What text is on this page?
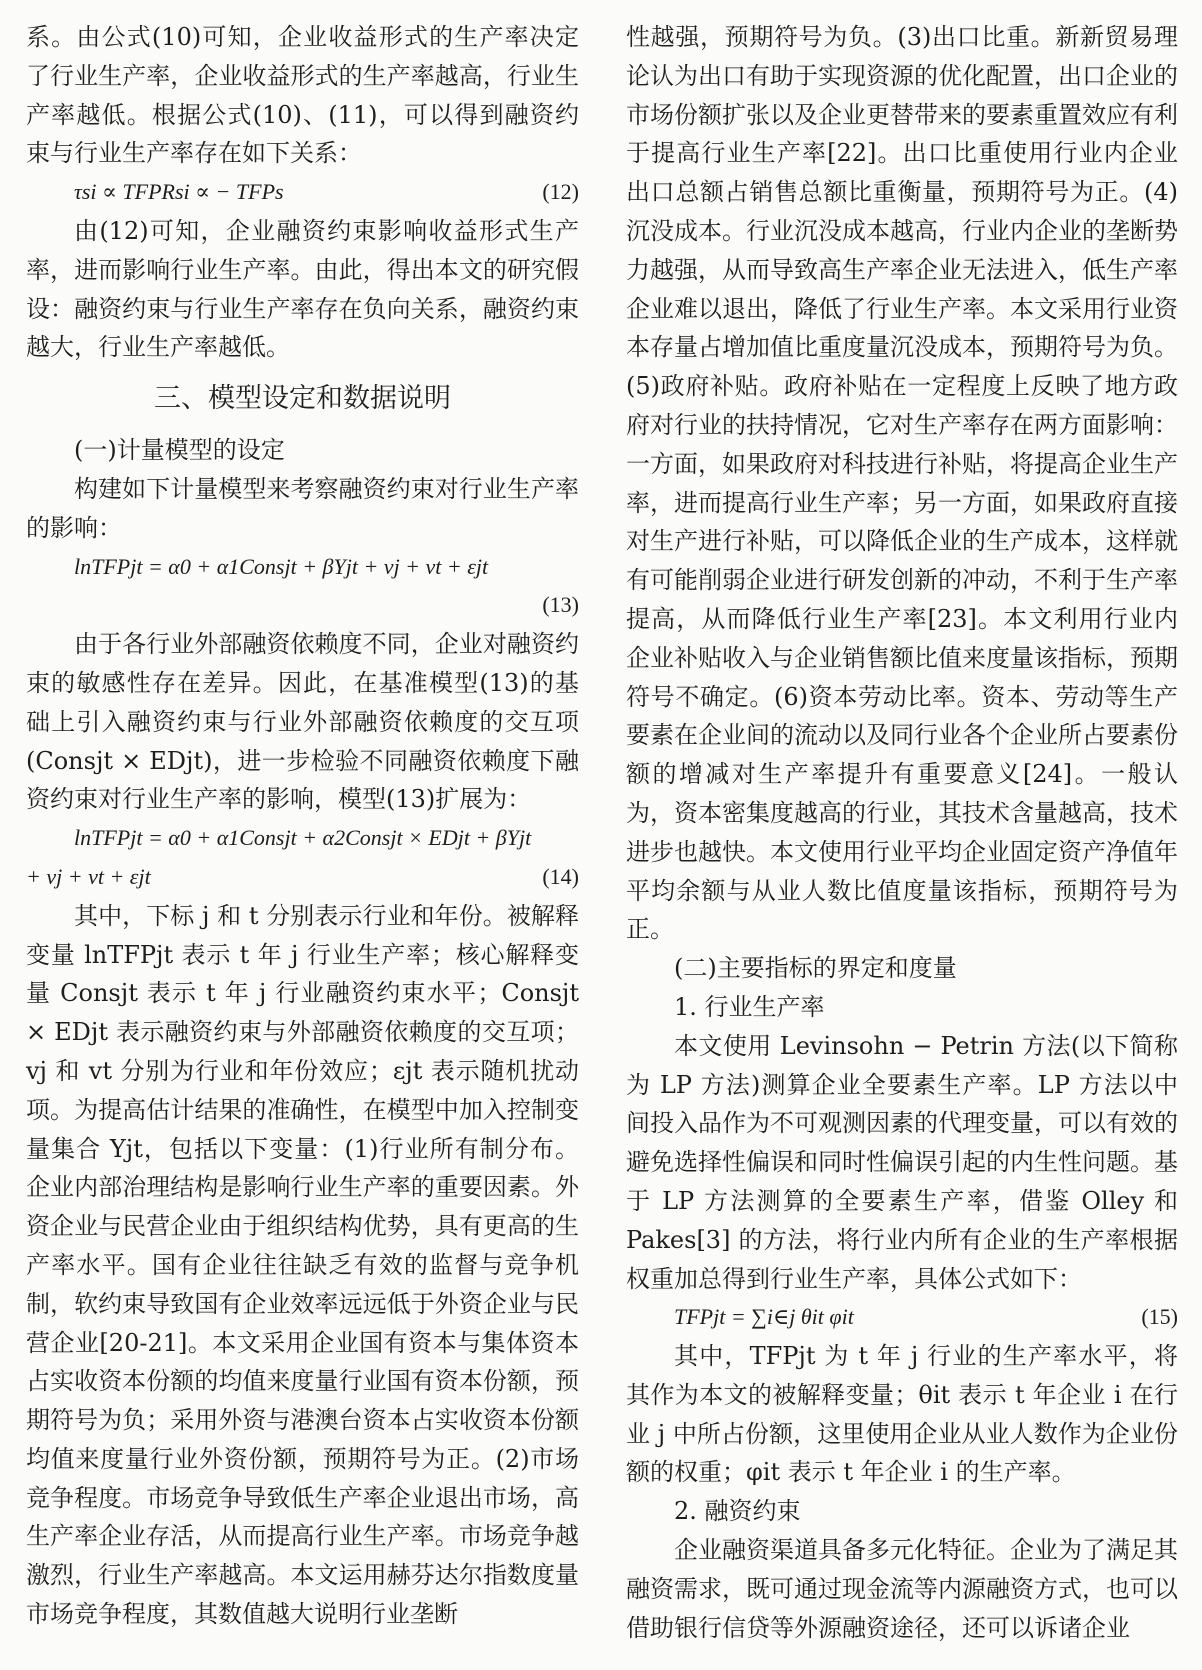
系。由公式(10)可知，企业收益形式的生产率决定了行业生产率，企业收益形式的生产率越高，行业生产率越低。根据公式(10)、(11)，可以得到融资约束与行业生产率存在如下关系：

τsi ∝ TFPRsi ∝ − TFPs	(12)

由(12)可知，企业融资约束影响收益形式生产率，进而影响行业生产率。由此，得出本文的研究假设：融资约束与行业生产率存在负向关系，融资约束越大，行业生产率越低。

三、模型设定和数据说明
(一)计量模型的设定

构建如下计量模型来考察融资约束对行业生产率的影响：

lnTFPjt = α0 + α1Consjt + βYjt + vj + vt + εjt
(13)

由于各行业外部融资依赖度不同，企业对融资约束的敏感性存在差异。因此，在基准模型(13)的基础上引入融资约束与行业外部融资依赖度的交互项(Consjt × EDjt)，进一步检验不同融资依赖度下融资约束对行业生产率的影响，模型(13)扩展为：

lnTFPjt = α0 + α1Consjt + α2Consjt × EDjt + βYjt
+ vj + vt + εjt	(14)

其中，下标 j 和 t 分别表示行业和年份。被解释变量 lnTFPjt 表示 t 年 j 行业生产率；核心解释变量 Consjt 表示 t 年 j 行业融资约束水平；Consjt × EDjt 表示融资约束与外部融资依赖度的交互项；vj 和 vt 分别为行业和年份效应；εjt 表示随机扰动项。为提高估计结果的准确性，在模型中加入控制变量集合 Yjt，包括以下变量：(1)行业所有制分布。企业内部治理结构是影响行业生产率的重要因素。外资企业与民营企业由于组织结构优势，具有更高的生产率水平。国有企业往往缺乏有效的监督与竞争机制，软约束导致国有企业效率远远低于外资企业与民营企业[20-21]。本文采用企业国有资本与集体资本占实收资本份额的均值来度量行业国有资本份额，预期符号为负；采用外资与港澳台资本占实收资本份额均值来度量行业外资份额，预期符号为正。(2)市场竞争程度。市场竞争导致低生产率企业退出市场，高生产率企业存活，从而提高行业生产率。市场竞争越激烈，行业生产率越高。本文运用赫芬达尔指数度量市场竞争程度，其数值越大说明行业垄断

性越强，预期符号为负。(3)出口比重。新新贸易理论认为出口有助于实现资源的优化配置，出口企业的市场份额扩张以及企业更替带来的要素重置效应有利于提高行业生产率[22]。出口比重使用行业内企业出口总额占销售总额比重衡量，预期符号为正。(4)沉没成本。行业沉没成本越高，行业内企业的垄断势力越强，从而导致高生产率企业无法进入，低生产率企业难以退出，降低了行业生产率。本文采用行业资本存量占增加值比重度量沉没成本，预期符号为负。(5)政府补贴。政府补贴在一定程度上反映了地方政府对行业的扶持情况，它对生产率存在两方面影响：一方面，如果政府对科技进行补贴，将提高企业生产率，进而提高行业生产率；另一方面，如果政府直接对生产进行补贴，可以降低企业的生产成本，这样就有可能削弱企业进行研发创新的冲动，不利于生产率提高，从而降低行业生产率[23]。本文利用行业内企业补贴收入与企业销售额比值来度量该指标，预期符号不确定。(6)资本劳动比率。资本、劳动等生产要素在企业间的流动以及同行业各个企业所占要素份额的增减对生产率提升有重要意义[24]。一般认为，资本密集度越高的行业，其技术含量越高，技术进步也越快。本文使用行业平均企业固定资产净值年平均余额与从业人数比值度量该指标，预期符号为正。

(二)主要指标的界定和度量
1. 行业生产率

本文使用 Levinsohn − Petrin 方法(以下简称为 LP 方法)测算企业全要素生产率。LP 方法以中间投入品作为不可观测因素的代理变量，可以有效的避免选择性偏误和同时性偏误引起的内生性问题。基于 LP 方法测算的全要素生产率，借鉴 Olley 和 Pakes[3] 的方法，将行业内所有企业的生产率根据权重加总得到行业生产率，具体公式如下：

TFPjt = ∑i∈j θit φit	(15)

其中，TFPjt 为 t 年 j 行业的生产率水平，将其作为本文的被解释变量；θit 表示 t 年企业 i 在行业 j 中所占份额，这里使用企业从业人数作为企业份额的权重；φit 表示 t 年企业 i 的生产率。

2. 融资约束

企业融资渠道具备多元化特征。企业为了满足其融资需求，既可通过现金流等内源融资方式，也可以借助银行信贷等外源融资途径，还可以诉诸企业
